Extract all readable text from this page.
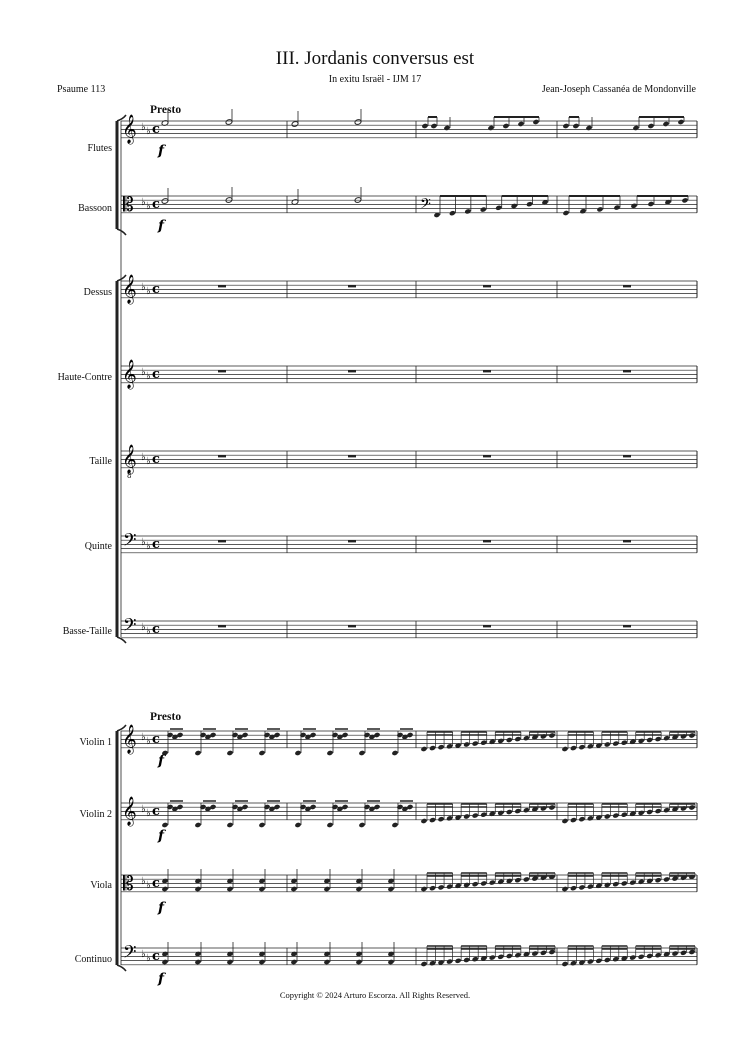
III. Jordanis conversus est
In exitu Israël - IJM 17
Psaume 113	Jean-Joseph Cassanéa de Mondonville
Presto
Presto
Flutes
Bassoon
Dessus
Haute-Contre
Taille
Quinte
Basse-Taille
Violin 1
Violin 2
Viola
Continuo
𝄞 ♭ ♭ c
𝄡 ♭ ♭ c
𝄞 ♭ ♭ c
𝄞 ♭ ♭ c
𝄞
8
♭ ♭ c
𝄢 ♭ ♭ c
𝄢 ♭ ♭ c
𝄞 ♭ ♭ c
𝄞 ♭ ♭ c
𝄡 ♭ ♭ c
𝄢 ♭ ♭ c
𝄢
f
f
f
f
f
f
Copyright © 2024 Arturo Escorza. All Rights Reserved.
